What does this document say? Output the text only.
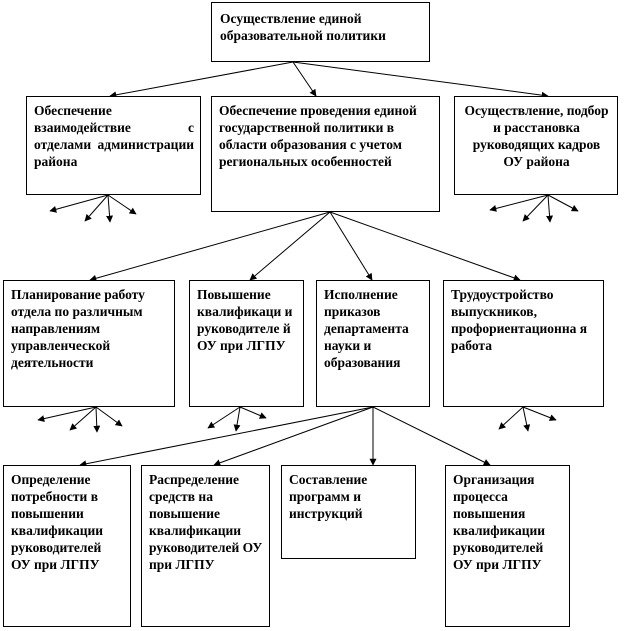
Осуществление единой образовательной политики
Обеспечение взаимодействие с отделами администрации района
Обеспечение проведения единой государственной политики в области образования с учетом региональных особенностей
Осуществление, подбор и расстановка руководящих кадров ОУ района
Планирование работу отдела по различным направлениям управленческой деятельности
Повышение квалификаци и руководителе й ОУ при ЛГПУ
Исполнение приказов департамента науки и образования
Трудоустройство выпускников, профориентационна я работа
Определение потребности в повышении квалификации руководителей ОУ при ЛГПУ
Распределение средств на повышение квалификации руководителей ОУ при ЛГПУ
Составление программ и инструкций
Организация процесса повышения квалификации руководителей ОУ при ЛГПУ
